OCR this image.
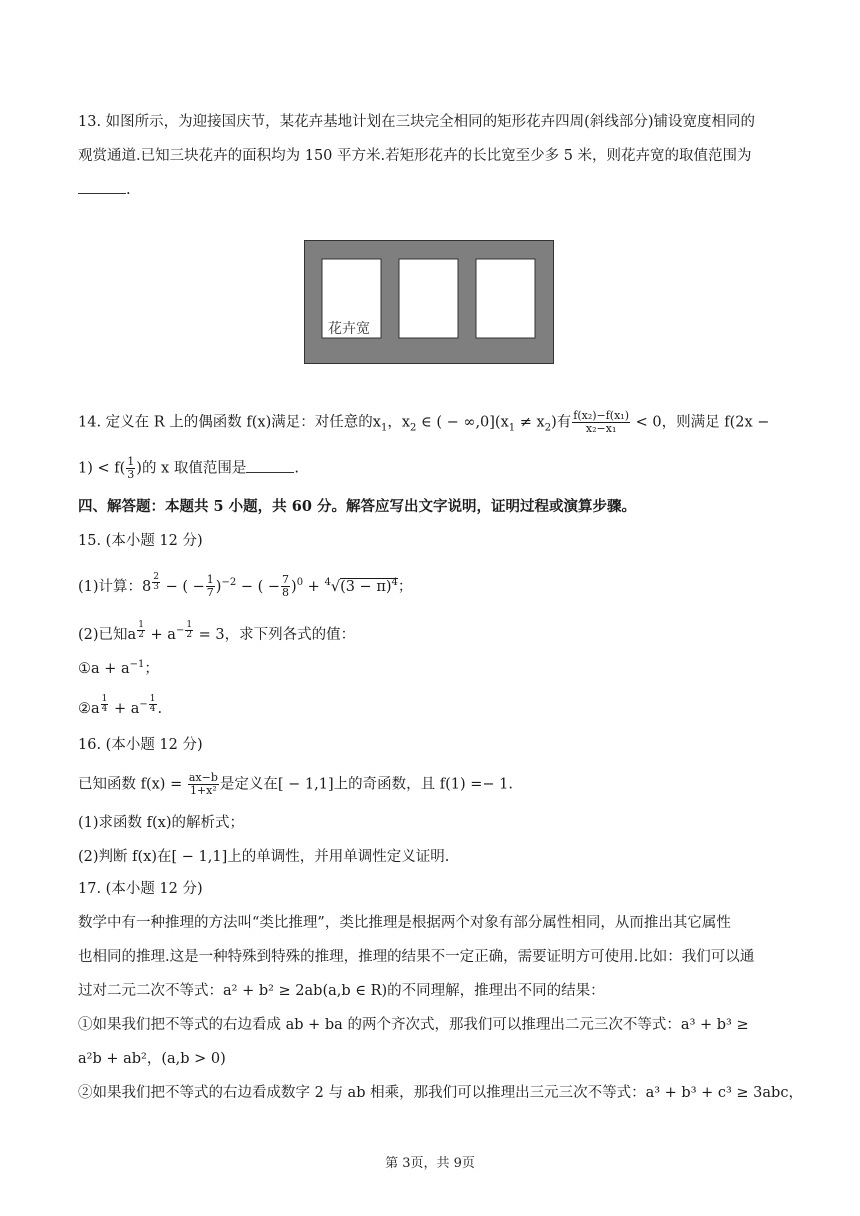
13. 如图所示，为迎接国庆节，某花卉基地计划在三块完全相同的矩形花卉四周(斜线部分)铺设宽度相同的
观赏通道.已知三块花卉的面积均为 150 平方米.若矩形花卉的长比宽至少多 5 米，则花卉宽的取值范围为
.
花卉宽
14. 定义在 R 上的偶函数 f(x)满足：对任意的$x_1$，$x_2$ ∈ ( − $\infty,0](x_1 \ne x_2)$有 $\frac{\text{f(x₂)−f(x₁)}}{\text{x₂−x₁}} < 0$，则满足 f(2x −
$1) < f( \frac{1}{3}$ )的 x 取值范围是	.
四、解答题：本题共 5 小题，共 60 分。解答应写出文字说明，证明过程或演算步骤。
15. (本小题 12 分)
(1)计算：8 $^{\frac{2}{3}}$ − ( − $\frac{1}{7} )^{-2}$ − ( − $\frac{7}{8} )^0 + ^4√(3 - \pi)^4$；
(2)已知a $^{\frac{1}{2}} + a^{- \frac{1}{2}} = 3$，求下列各式的值：
①a + $a^{-1}$；
②a $^{\frac{1}{4}} + a^{- \frac{1}{4}}$ .
16. (本小题 12 分)
已知函数 $f(x) = \frac{ax-b}{\text{1+x²}}$ 是定义在[ − 1,1]上的奇函数，且 f(1) =− 1.
(1)求函数 f(x)的解析式；
(2)判断 f(x)在[ − 1,1]上的单调性，并用单调性定义证明.
17. (本小题 12 分)
数学中有一种推理的方法叫“类比推理”，类比推理是根据两个对象有部分属性相同，从而推出其它属性
也相同的推理.这是一种特殊到特殊的推理，推理的结果不一定正确，需要证明方可使用.比如：我们可以通
过对二元二次不等式：a² + b² ≥ 2ab(a,b ∈ R)的不同理解，推理出不同的结果：
①如果我们把不等式的右边看成 ab + ba 的两个齐次式，那我们可以推理出二元三次不等式：a³ + b³ ≥
a²b + ab²，(a,b > 0)
②如果我们把不等式的右边看成数字 2 与 ab 相乘，那我们可以推理出三元三次不等式：a³ + b³ + c³ ≥ 3abc，
第 3页，共 9页
